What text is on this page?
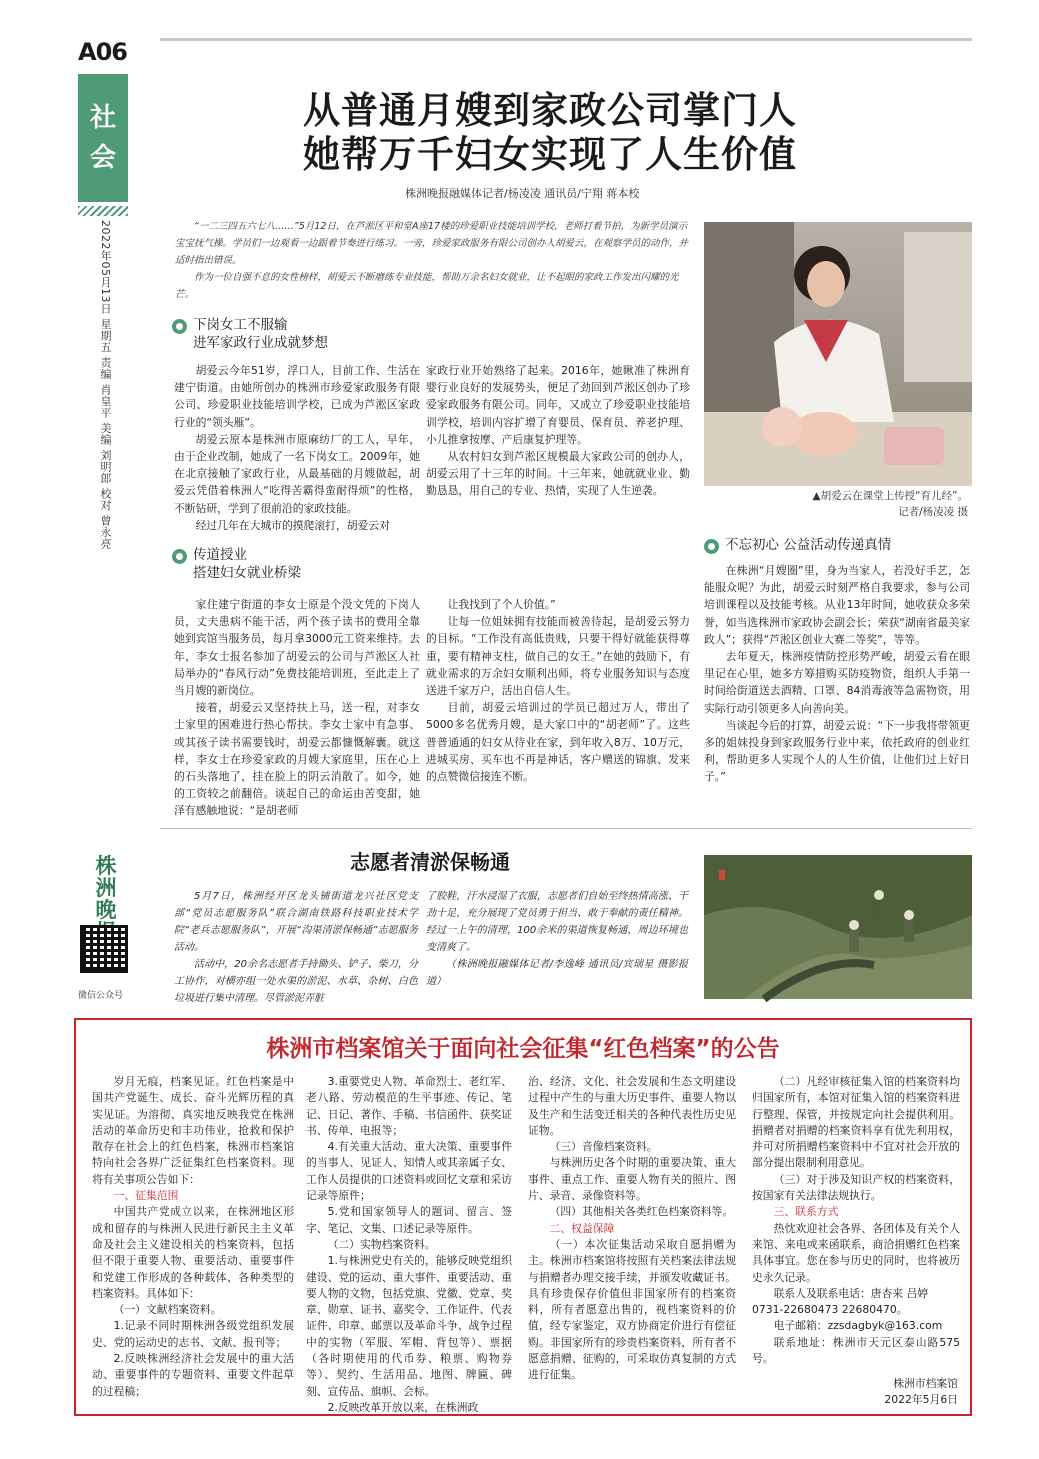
A06
社
会
2022年05月13日 星期五 责编 肖皇平 美编 刘明郎 校对 曾永亮
从普通月嫂到家政公司掌门人
她帮万千妇女实现了人生价值
株洲晚报融媒体记者/杨凌凌 通讯员/宁翔 蒋本校

“一二三四五六七八……”5月12日，在芦淞区平和堂A座17楼的珍爱职业技能培训学校，老师打着节拍，为新学员演示宝宝抚气操。学员们一边观看一边跟着节奏进行练习。一旁，珍爱家政服务有限公司创办人胡爱云，在观察学员的动作，并适时指出错误。

作为一位自强不息的女性榜样，胡爱云不断磨练专业技能，帮助万余名妇女就业，让不起眼的家政工作发出闪耀的光芒。

下岗女工不服输
进军家政行业成就梦想

胡爱云今年51岁，浮口人，目前工作、生活在建宁街道。由她所创办的株洲市珍爱家政服务有限公司、珍爱职业技能培训学校，已成为芦淞区家政行业的“领头雁”。

胡爱云原本是株洲市原麻纺厂的工人，早年，由于企业改制，她成了一名下岗女工。2009年，她在北京接触了家政行业，从最基础的月嫂做起，胡爱云凭借着株洲人“吃得苦霸得蛮耐得烦”的性格，不断钻研，学到了很前沿的家政技能。

经过几年在大城市的摸爬滚打，胡爱云对

家政行业开始熟络了起来。2016年，她瞅准了株洲育婴行业良好的发展势头，便足了劲回到芦淞区创办了珍爱家政服务有限公司。同年，又成立了珍爱职业技能培训学校，培训内容扩增了育婴员、保育员、养老护理、小儿推拿按摩、产后康复护理等。

从农村妇女到芦淞区规模最大家政公司的创办人，胡爱云用了十三年的时间。十三年来，她就就业业、勤勤恳恳，用自己的专业、热情，实现了人生逆袭。	▲胡爱云在课堂上传授“育儿经”。
记者/杨凌凌 摄
传道授业
搭建妇女就业桥梁

家住建宁街道的李女士原是个没文凭的下岗人员，丈夫患病不能干活，两个孩子读书的费用全靠她到宾馆当服务员，每月拿3000元工资来维持。去年，李女士报名参加了胡爱云的公司与芦淞区人社局举办的“春风行动”免费技能培训班，至此走上了当月嫂的新岗位。

接着，胡爱云又坚持扶上马，送一程，对李女士家里的困难进行热心帮扶。李女士家中有急事、或其孩子读书需要钱时，胡爱云都慷慨解囊。就这样，李女士在珍爱家政的月嫂大家庭里，压在心上的石头落地了，挂在脸上的阴云消散了。如今，她的工资较之前翻倍。谈起自己的命运由苦变甜，她泽有感触地说：“是胡老师

让我找到了个人价值。”

让每一位姐妹拥有技能而被善待起，是胡爱云努力的目标。“工作没有高低贵贱，只要干得好就能获得尊重，要有精神支柱，做自己的女王。”在她的鼓励下，有就业需求的万余妇女顺利出师，将专业服务知识与态度送进千家万户，活出自信人生。

目前，胡爱云培训过的学员已超过万人，带出了5000多名优秀月嫂，是大家口中的“胡老师”了。这些普普通通的妇女从待业在家，到年收入8万、10万元，进城买房、买车也不再是神话，客户赠送的锦旗、发来的点赞微信接连不断。

不忘初心 公益活动传递真情

在株洲“月嫂圈”里，身为当家人，若没好手艺，怎能服众呢？为此，胡爱云时刻严格自我要求，参与公司培训课程以及技能考核。从业13年时间，她收获众多荣誉，如当选株洲市家政协会副会长；荣获“湖南省最美家政人”；获得“芦淞区创业大赛二等奖”，等等。

去年夏天，株洲疫情防控形势严峻，胡爱云看在眼里记在心里，她多方筹措购买防疫物资，组织人手第一时间给街道送去酒精、口罩、84消毒液等急需物资，用实际行动引领更多人向善向美。

当谈起今后的打算，胡爱云说：“下一步我将带领更多的姐妹投身到家政服务行业中来，依托政府的创业红利，帮助更多人实现个人的人生价值，让他们过上好日子。”

志愿者清淤保畅通

5月7日，株洲经开区龙头铺街道龙兴社区党支部“党员志愿服务队”联合湖南铁路科技职业技术学院“老兵志愿服务队”，开展“沟渠清淤保畅通”志愿服务活动。

活动中，20余名志愿者手持锄头、铲子、柴刀，分工协作，对横亦组一处水渠的淤泥、水草、杂树、白色垃圾进行集中清理。尽管淤泥弄脏

了胶鞋，汗水浸湿了衣服，志愿者们自始至终热情高涨、干劲十足，充分展现了党员勇于担当、敢于奉献的责任精神。经过一上午的清理，100余米的渠道恢复畅通，周边环境也变清爽了。

（株洲晚报融媒体记者/李逸峰 通讯员/宾瑞星 摄影报道）

株
洲
晚
微信公众号
株洲市档案馆关于面向社会征集“红色档案”的公告

岁月无痕，档案见证。红色档案是中国共产党诞生、成长、奋斗光辉历程的真实见证。为溶彻、真实地反映我党在株洲活动的革命历史和丰功伟业，抢救和保护散存在社会上的红色档案，株洲市档案馆特向社会各界广泛征集红色档案资料。现将有关事项公告如下：

一、征集范围

中国共产党成立以来，在株洲地区形成和留存的与株洲人民进行新民主主义革命及社会主义建设相关的档案资料，包括但不限于重要人物、重要活动、重要事件和党建工作形成的各种载体、各种类型的档案资料。具体如下：

（一）文献档案资料。

1.记录不同时期株洲各级党组织发展史、党的运动史的志书、文献、报刊等；

2.反映株洲经济社会发展中的重大活动、重要事件的专题资料、重要文件起草的过程稿；

3.重要党史人物、革命烈士、老红军、老八路、劳动模范的生平事迹、传记、笔记、日记、著作、手稿、书信函件、获奖证书、传单、电报等；

4.有关重大活动、重大决策、重要事件的当事人、见证人、知情人或其亲属子女、工作人员提供的口述资料或回忆文章和采访记录等原件；

5.党和国家领导人的题词、留言、签字、笔记、文集、口述记录等原件。

（二）实物档案资料。

1.与株洲党史有关的，能够反映党组织建设、党的运动、重大事件、重要活动、重要人物的文物，包括党旗、党徽、党章、奖章、勋章、证书、嘉奖令、工作证件、代表证件、印章、邮票以及革命斗争、战争过程中的实物（军服、军帽、背包等）、票据（各时期使用的代币券、粮票、购物券等）、契约、生活用品、地图、牌匾、碑刻、宣传品、旗帜、会标。

2.反映改革开放以来，在株洲政

治、经济、文化、社会发展和生态文明建设过程中产生的与重大历史事件、重要人物以及生产和生活变迁相关的各种代表性历史见证物。

（三）音像档案资料。

与株洲历史各个时期的重要决策、重大事件、重点工作、重要人物有关的照片、图片、录音、录像资料等。

（四）其他相关各类红色档案资料等。

二、权益保障

（一）本次征集活动采取自愿捐赠为主。株洲市档案馆将按照有关档案法律法规与捐赠者办理交接手续，并颁发收藏证书。具有珍贵保存价值但非国家所有的档案资料，所有者愿意出售的，视档案资料的价值，经专家鉴定，双方协商定价进行有偿征购。非国家所有的珍贵档案资料，所有者不愿意捐赠、征购的，可采取仿真复制的方式进行征集。

（二）凡经审核征集入馆的档案资料均归国家所有，本馆对征集入馆的档案资料进行整理、保管，并按规定向社会提供利用。捐赠者对捐赠的档案资料享有优先利用权，并可对所捐赠档案资料中不宜对社会开放的部分提出限制利用意见。

（三）对于涉及知识产权的档案资料，按国家有关法律法规执行。

三、联系方式

热忱欢迎社会各界、各团体及有关个人来馆、来电或来函联系，商洽捐赠红色档案具体事宜。您在参与历史的同时，也将被历史永久记录。

联系人及联系电话：唐杏来 吕婷

0731-22680473 22680470。

电子邮箱：zzsdagbyk@163.com

联系地址：株洲市天元区泰山路575号。

株洲市档案馆
2022年5月6日
